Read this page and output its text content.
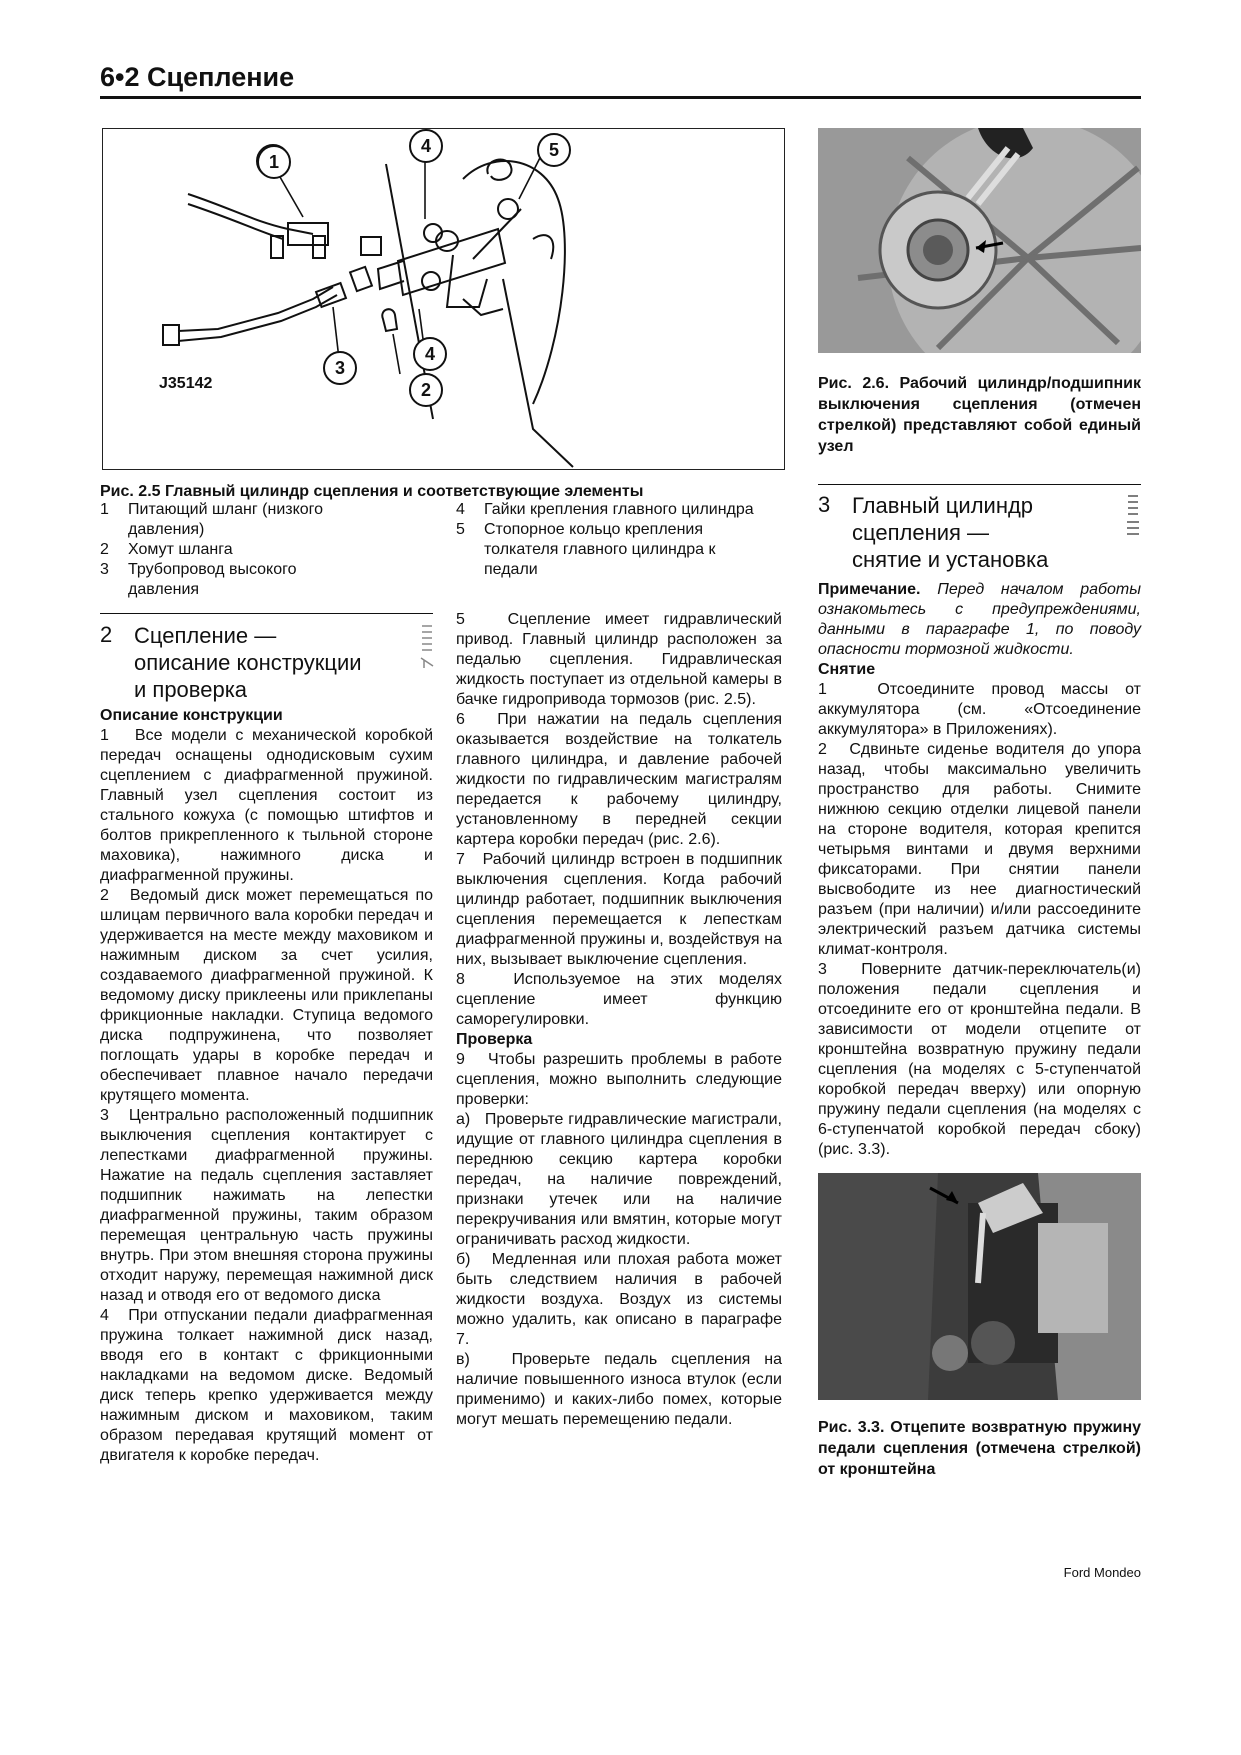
6•2 Сцепление
1
2
3
4
4
5
J35142	Рис. 2.6. Рабочий цилиндр/подшипник выключения сцепления (отмечен стрелкой) представляют собой единый узел
Рис. 2.5 Главный цилиндр сцепления и соответствующие элементы
1	Питающий шланг (низкого давления)
2	Хомут шланга
3	Трубопровод высокого давления
4	Гайки крепления главного цилиндра
5	Стопорное кольцо крепления толкателя главного цилиндра к педали
2 Сцепление —
описание конструкции
и проверка

Описание конструкции

1   Все модели с механической коробкой передач оснащены однодисковым сухим сцеплением с диафрагменной пружиной. Главный узел сцепления состоит из стального кожуха (с помощью штифтов и болтов прикрепленного к тыльной стороне маховика), нажимного диска и диафрагменной пружины.

2   Ведомый диск может перемещаться по шлицам первичного вала коробки передач и удерживается на месте между маховиком и нажимным диском за счет усилия, создаваемого диафрагменной пружиной. К ведомому диску приклеены или приклепаны фрикционные накладки. Ступица ведомого диска подпружинена, что позволяет поглощать удары в коробке передач и обеспечивает плавное начало передачи крутящего момента.

3   Центрально расположенный подшипник выключения сцепления контактирует с лепестками диафрагменной пружины. Нажатие на педаль сцепления заставляет подшипник нажимать на лепестки диафрагменной пружины, таким образом перемещая центральную часть пружины внутрь. При этом внешняя сторона пружины отходит наружу, перемещая нажимной диск назад и отводя его от ведомого диска

4   При отпускании педали диафрагменная пружина толкает нажимной диск назад, вводя его в контакт с фрикционными накладками на ведомом диске. Ведомый диск теперь крепко удерживается между нажимным диском и маховиком, таким образом передавая крутящий момент от двигателя к коробке передач.

5   Сцепление имеет гидравлический привод. Главный цилиндр расположен за педалью сцепления. Гидравлическая жидкость поступает из отдельной камеры в бачке гидропривода тормозов (рис. 2.5).

6   При нажатии на педаль сцепления оказывается воздействие на толкатель главного цилиндра, и давление рабочей жидкости по гидравлическим магистралям передается к рабочему цилиндру, установленному в передней секции картера коробки передач (рис. 2.6).

7   Рабочий цилиндр встроен в подшипник выключения сцепления. Когда рабочий цилиндр работает, подшипник выключения сцепления перемещается к лепесткам диафрагменной пружины и, воздействуя на них, вызывает выключение сцепления.

8   Используемое на этих моделях сцепление имеет функцию саморегулировки.

Проверка

9   Чтобы разрешить проблемы в работе сцепления, можно выполнить следующие проверки:

a)   Проверьте гидравлические магистрали, идущие от главного цилиндра сцепления в переднюю секцию картера коробки передач, на наличие повреждений, признаки утечек или на наличие перекручивания или вмятин, которые могут ограничивать расход жидкости.

б)   Медленная или плохая работа может быть следствием наличия в рабочей жидкости воздуха. Воздух из системы можно удалить, как описано в параграфе 7.

в)   Проверьте педаль сцепления на наличие повышенного износа втулок (если применимо) и каких-либо помех, которые могут мешать перемещению педали.

3 Главный цилиндр
сцепления —
снятие и установка

Примечание. Перед началом работы ознакомьтесь с предупреждениями, данными в параграфе 1, по поводу опасности тормозной жидкости.

Снятие

1   Отсоедините провод массы от аккумулятора (см. «Отсоединение аккумулятора» в Приложениях).

2   Сдвиньте сиденье водителя до упора назад, чтобы максимально увеличить пространство для работы. Снимите нижнюю секцию отделки лицевой панели на стороне водителя, которая крепится четырьмя винтами и двумя верхними фиксаторами. При снятии панели высвободите из нее диагностический разъем (при наличии) и/или рассоедините электрический разъем датчика системы климат-контроля.

3   Поверните датчик-переключатель(и) положения педали сцепления и отсоедините его от кронштейна педали. В зависимости от модели отцепите от кронштейна возвратную пружину педали сцепления (на моделях с 5-ступенчатой коробкой передач вверху) или опорную пружину педали сцепления (на моделях с 6-ступенчатой коробкой передач сбоку) (рис. 3.3).

Рис. 3.3. Отцепите возвратную пружину педали сцепления (отмечена стрелкой) от кронштейна
Ford Mondeo
